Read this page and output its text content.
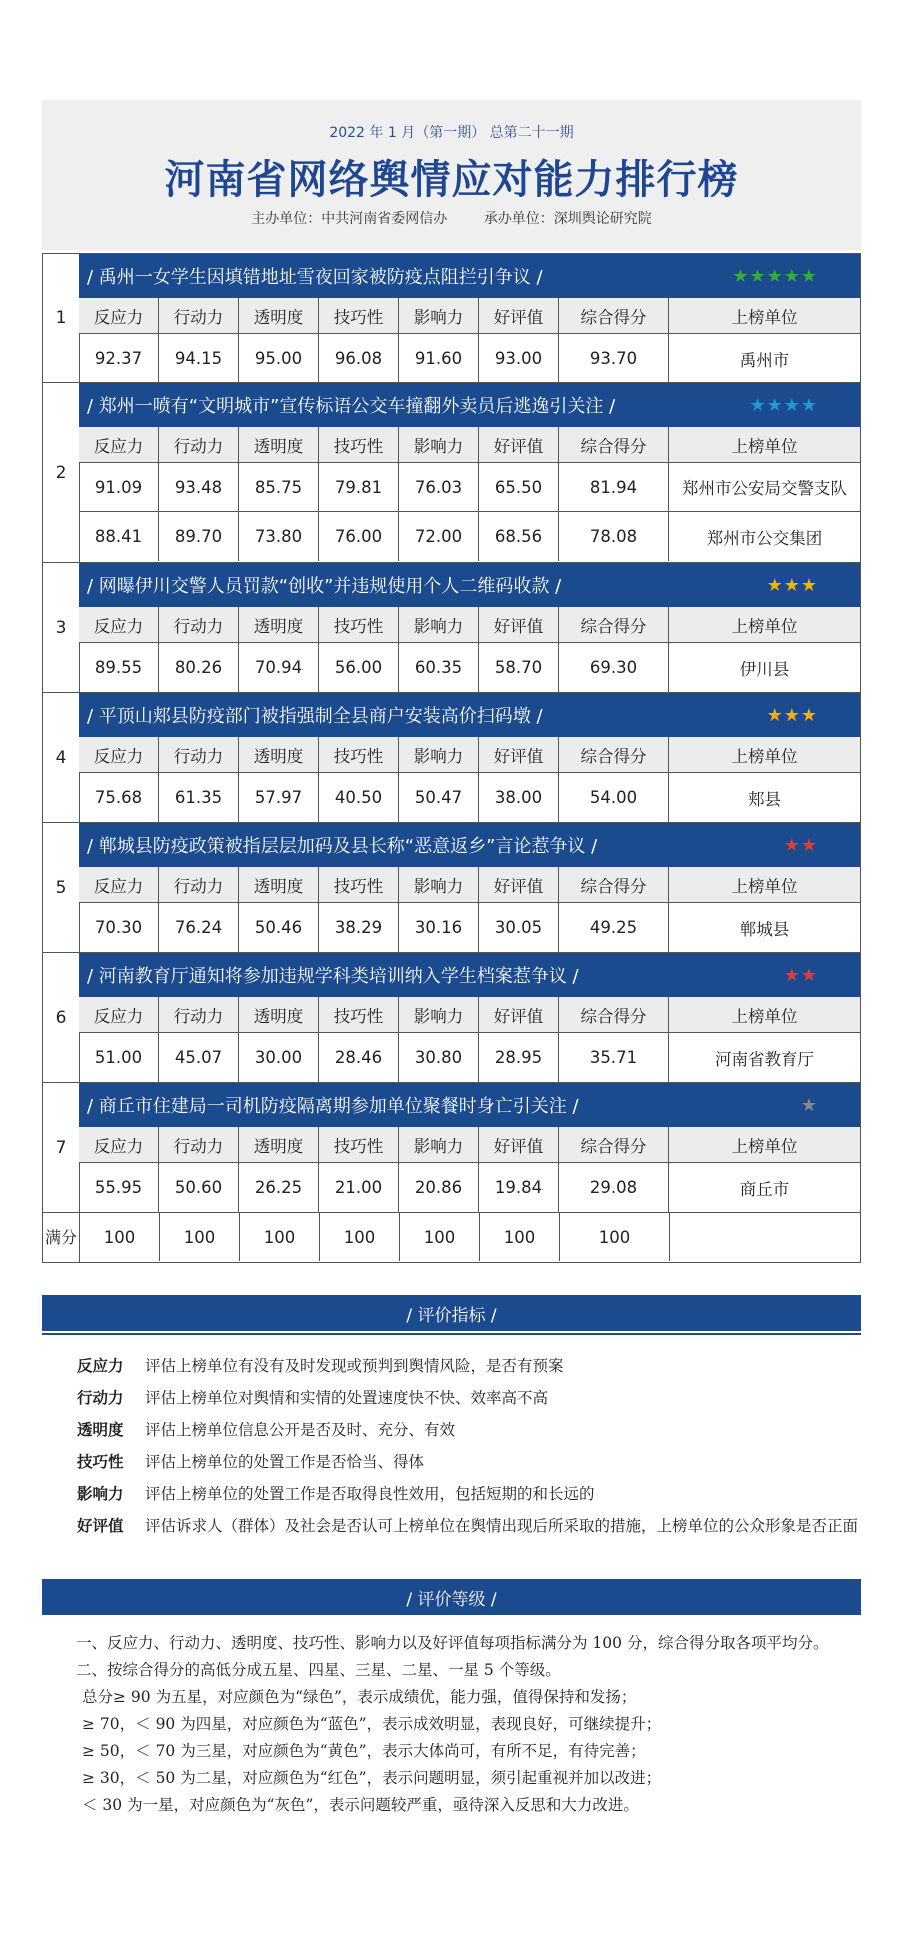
2022 年 1 月（第一期） 总第二十一期
河南省网络舆情应对能力排行榜
主办单位：中共河南省委网信办	承办单位：深圳舆论研究院
1
/ 禹州一女学生因填错地址雪夜回家被防疫点阻拦引争议 /	★★★★★
反应力	行动力	透明度	技巧性	影响力	好评值	综合得分	上榜单位
92.37	94.15	95.00	96.08	91.60	93.00	93.70	禹州市
2
/ 郑州一喷有“文明城市”宣传标语公交车撞翻外卖员后逃逸引关注 /	★★★★
反应力	行动力	透明度	技巧性	影响力	好评值	综合得分	上榜单位
91.09	93.48	85.75	79.81	76.03	65.50	81.94	郑州市公安局交警支队
88.41	89.70	73.80	76.00	72.00	68.56	78.08	郑州市公交集团
3
/ 网曝伊川交警人员罚款“创收”并违规使用个人二维码收款 /	★★★
反应力	行动力	透明度	技巧性	影响力	好评值	综合得分	上榜单位
89.55	80.26	70.94	56.00	60.35	58.70	69.30	伊川县
4
/ 平顶山郏县防疫部门被指强制全县商户安装高价扫码墩 /	★★★
反应力	行动力	透明度	技巧性	影响力	好评值	综合得分	上榜单位
75.68	61.35	57.97	40.50	50.47	38.00	54.00	郏县
5
/ 郸城县防疫政策被指层层加码及县长称“恶意返乡”言论惹争议 /	★★
反应力	行动力	透明度	技巧性	影响力	好评值	综合得分	上榜单位
70.30	76.24	50.46	38.29	30.16	30.05	49.25	郸城县
6
/ 河南教育厅通知将参加违规学科类培训纳入学生档案惹争议 /	★★
反应力	行动力	透明度	技巧性	影响力	好评值	综合得分	上榜单位
51.00	45.07	30.00	28.46	30.80	28.95	35.71	河南省教育厅
7
/ 商丘市住建局一司机防疫隔离期参加单位聚餐时身亡引关注 /	★
反应力	行动力	透明度	技巧性	影响力	好评值	综合得分	上榜单位
55.95	50.60	26.25	21.00	20.86	19.84	29.08	商丘市
满 分	100	100	100	100	100	100	100
/ 评价指标 /
反应力 评估上榜单位有没有及时发现或预判到舆情风险，是否有预案
行动力 评估上榜单位对舆情和实情的处置速度快不快、效率高不高
透明度 评估上榜单位信息公开是否及时、充分、有效
技巧性 评估上榜单位的处置工作是否恰当、得体
影响力 评估上榜单位的处置工作是否取得良性效用，包括短期的和长远的
好评值 评估诉求人（群体）及社会是否认可上榜单位在舆情出现后所采取的措施，上榜单位的公众形象是否正面
/ 评价等级 /

一、反应力、行动力、透明度、技巧性、影响力以及好评值每项指标满分为 100 分，综合得分取各项平均分。

二、按综合得分的高低分成五星、四星、三星、二星、一星 5 个等级。

总分≥ 90 为五星，对应颜色为“绿色”，表示成绩优，能力强，值得保持和发扬；
≥ 70，＜ 90 为四星，对应颜色为“蓝色”，表示成效明显，表现良好，可继续提升；
≥ 50，＜ 70 为三星，对应颜色为“黄色”，表示大体尚可，有所不足，有待完善；
≥ 30，＜ 50 为二星，对应颜色为“红色”，表示问题明显，须引起重视并加以改进；
＜ 30 为一星，对应颜色为“灰色”，表示问题较严重，亟待深入反思和大力改进。
